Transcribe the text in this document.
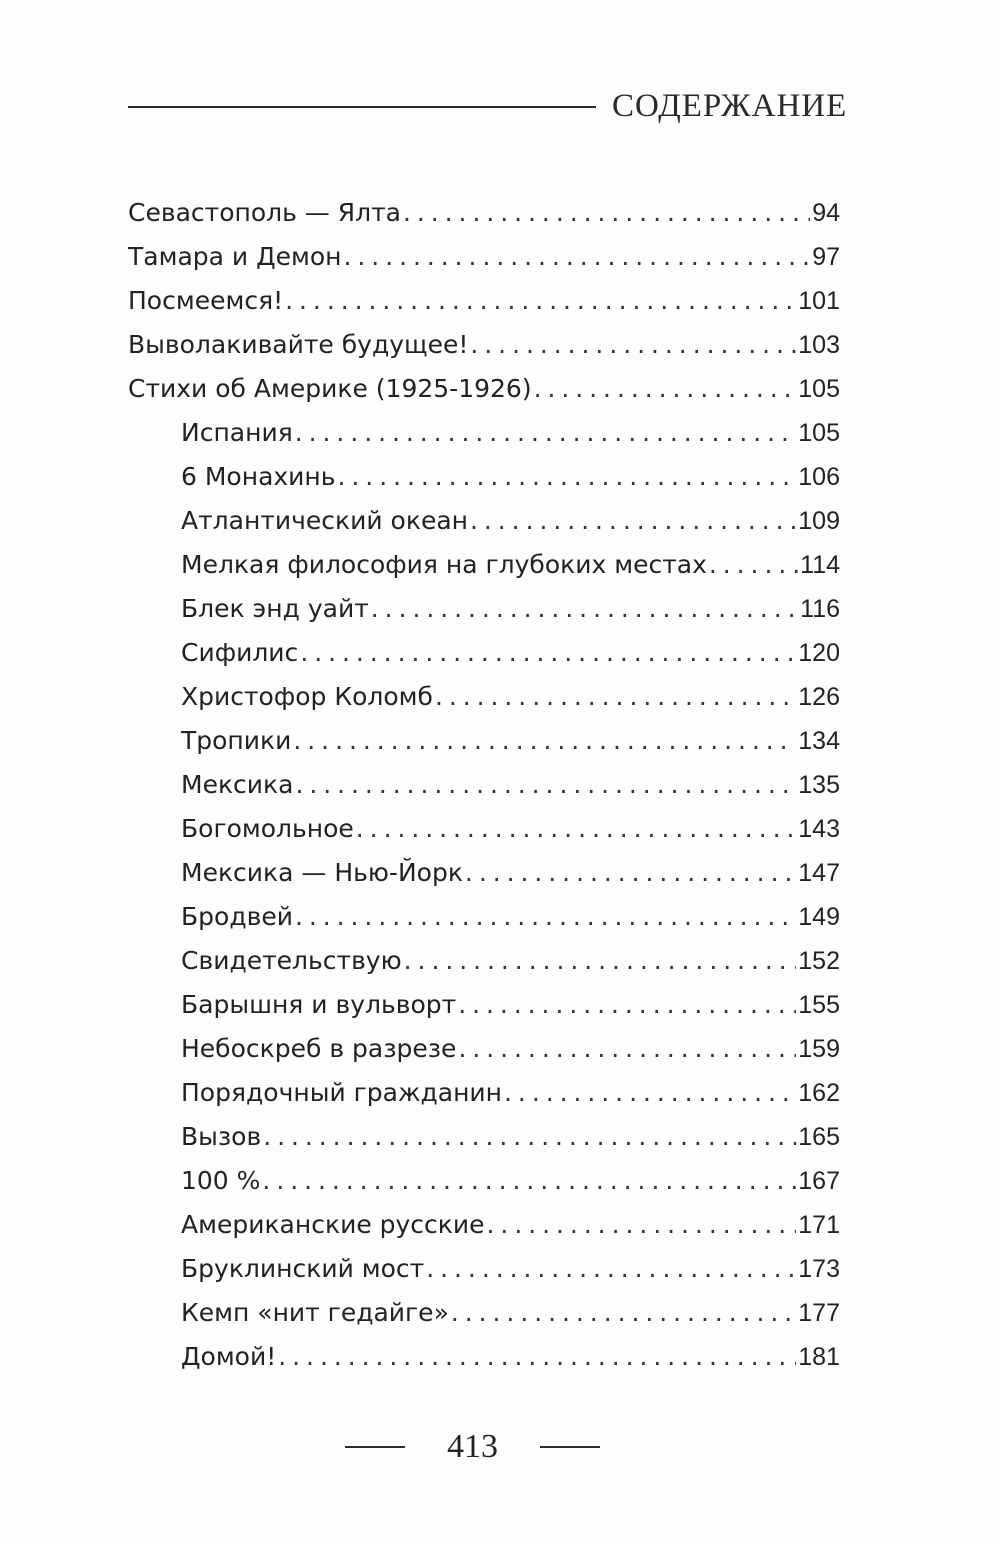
СОДЕРЖАНИЕ
Севастополь — Ялта . . .	94
Тамара и Демон . . .	97
Посмеемся! . . .	101
Выволакивайте будущее! . . .	103
Стихи об Америке (1925-1926) . . .	105
Испания . . .	105
6 Монахинь . . .	106
Атлантический океан . . .	109
Мелкая философия на глубоких местах . . .	114
Блек энд уайт . . .	116
Сифилис . . .	120
Христофор Коломб . . .	126
Тропики . . .	134
Мексика . . .	135
Богомольное . . .	143
Мексика — Нью-Йорк . . .	147
Бродвей . . .	149
Свидетельствую . . .	152
Барышня и вульворт . . .	155
Небоскреб в разрезе . . .	159
Порядочный гражданин . . .	162
Вызов . . .	165
100 % . . .	167
Американские русские . . .	171
Бруклинский мост . . .	173
Кемп «нит гедайге» . . .	177
Домой! . . .	181
413
